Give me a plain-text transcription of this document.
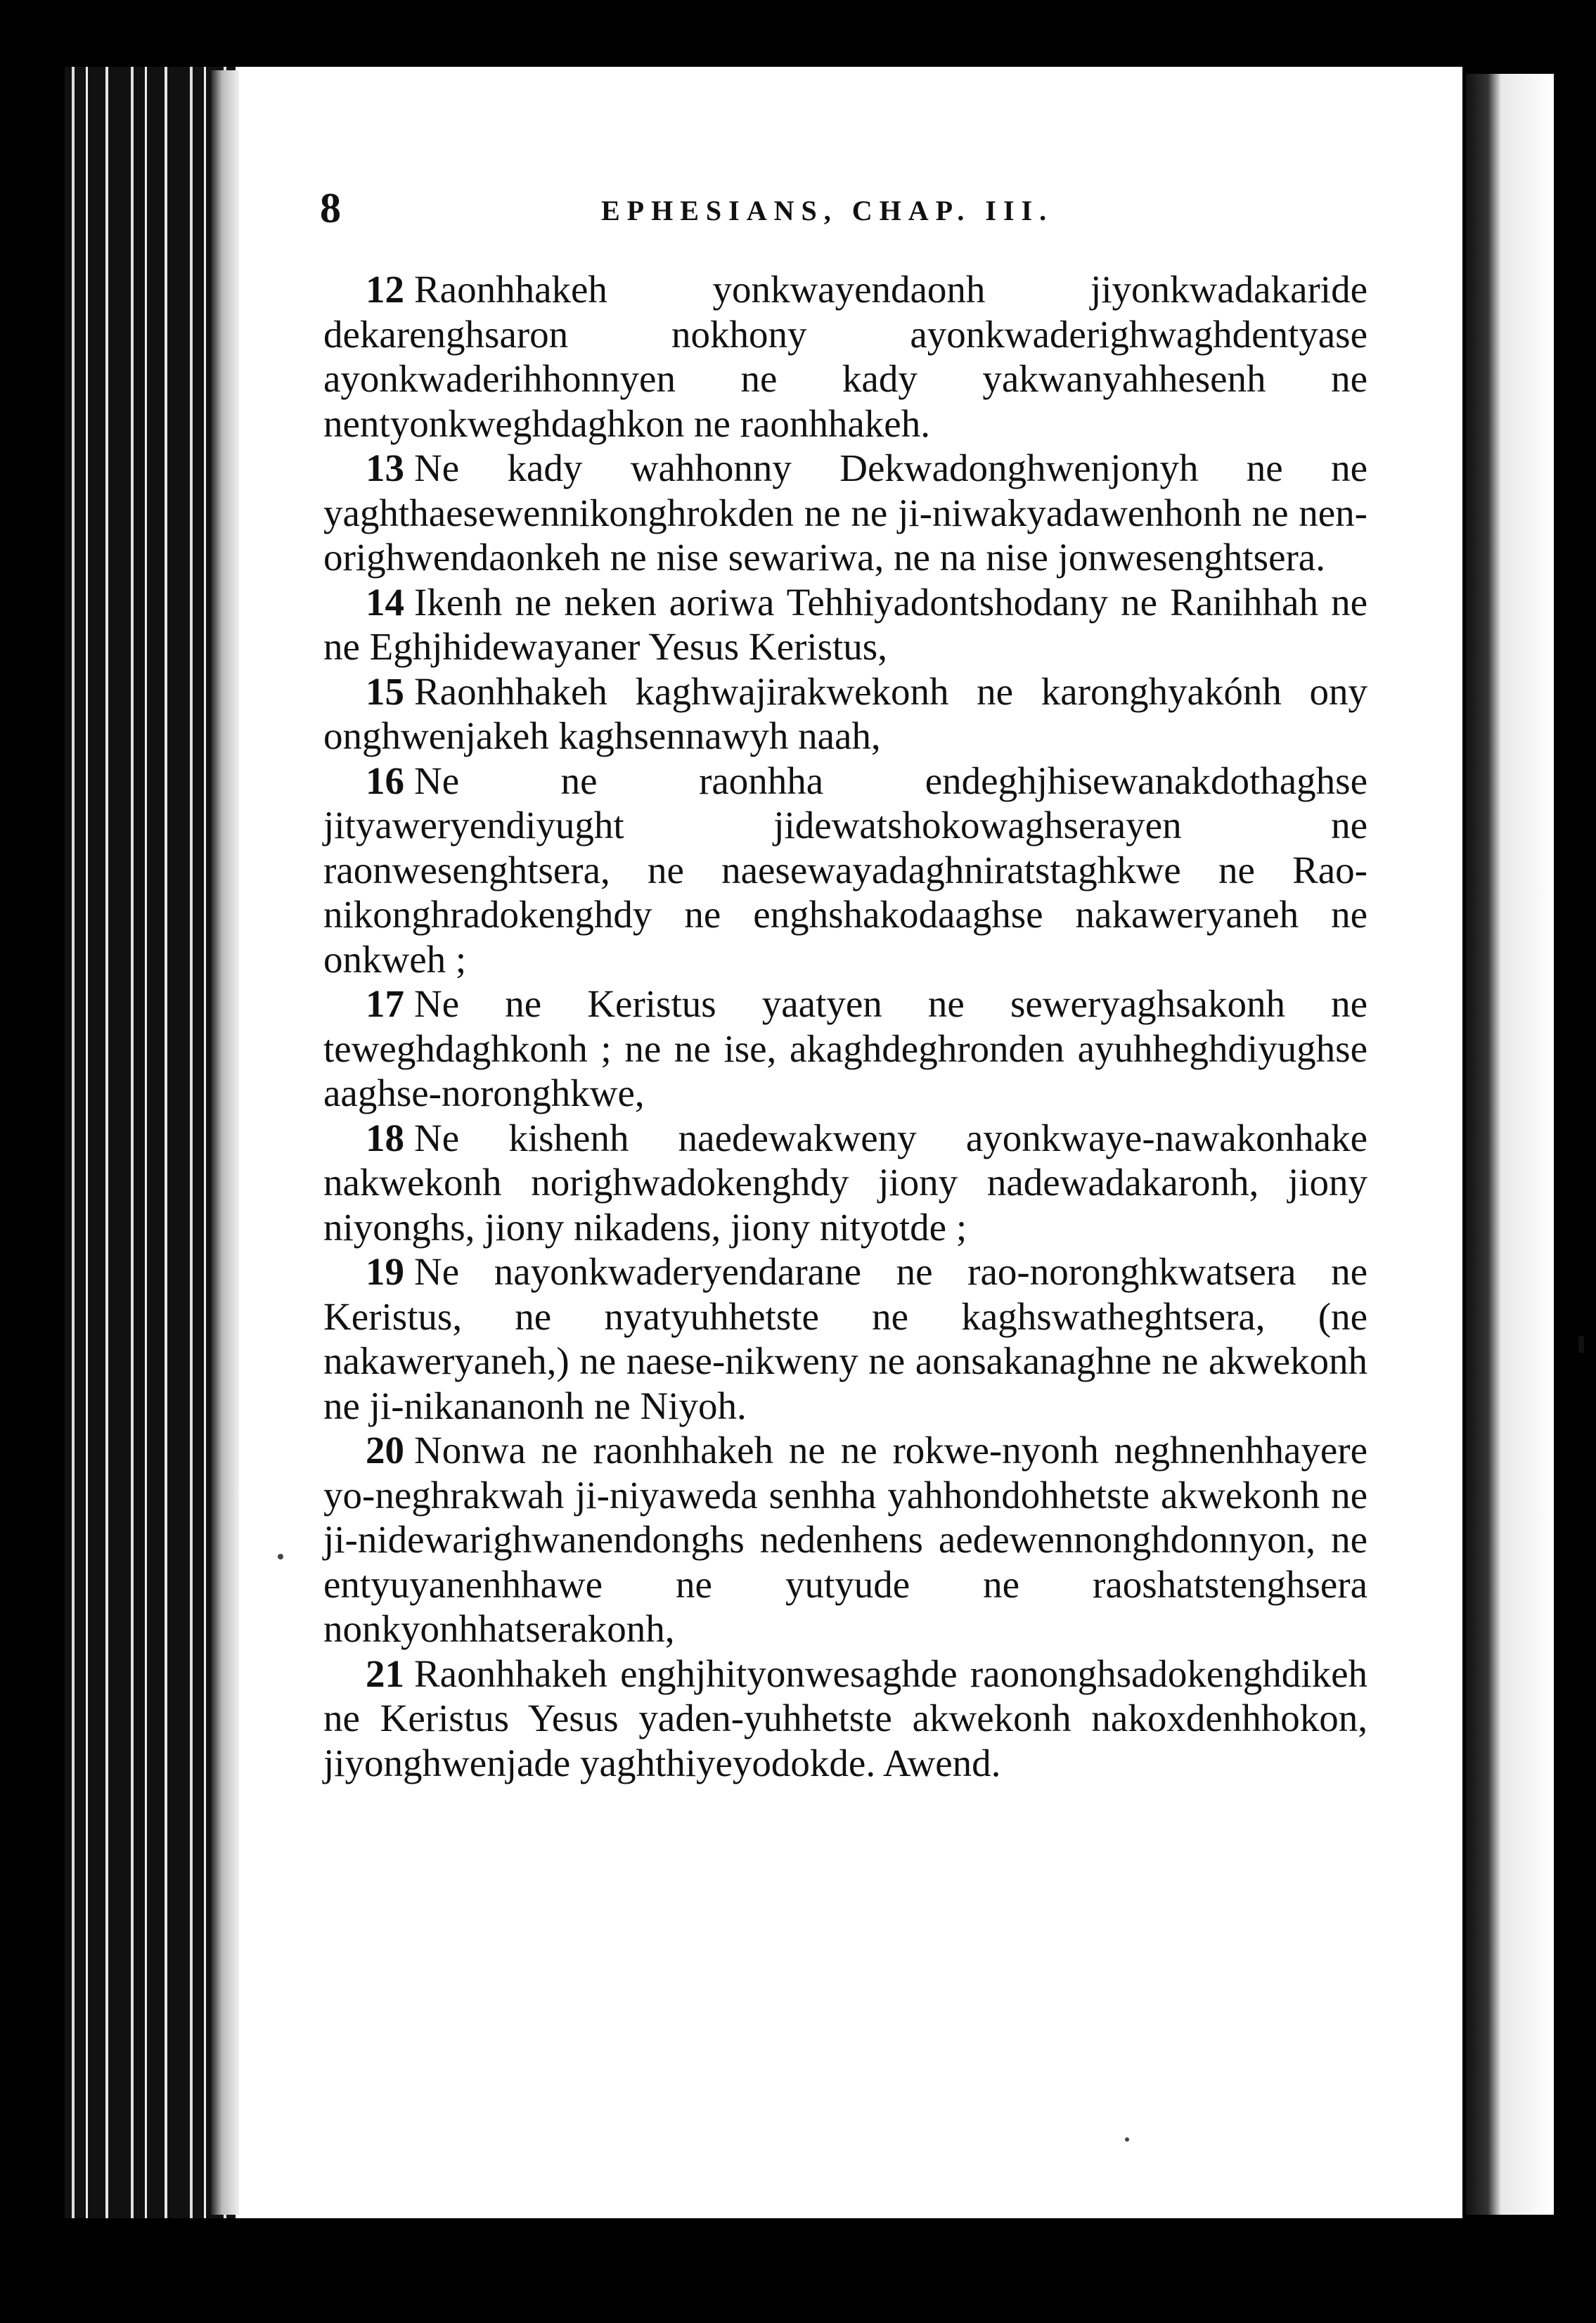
8	EPHESIANS, CHAP. III.

12 Raonhhakeh yonkwayendaonh jiyonkwadakaride dekarenghsaron nokhony ayonkwaderighwaghdentyase ayonkwaderihhonnyen ne kady yakwanyahhesenh ne nentyonkweghdaghkon ne raonhhakeh.

13 Ne kady wahhonny Dekwadonghwenjonyh ne ne yaghthaesewennikonghrokden ne ne ji-niwakyadawenhonh ne nen-orighwendaonkeh ne nise sewariwa, ne na nise jonwesenghtsera.

14 Ikenh ne neken aoriwa Tehhiyadontshodany ne Ranihhah ne ne Eghjhidewayaner Yesus Keristus,

15 Raonhhakeh kaghwajirakwekonh ne karonghyakónh ony onghwenjakeh kaghsennawyh naah,

16 Ne ne raonhha endeghjhisewanakdothaghse jityaweryendiyught jidewatshokowaghserayen ne raonwesenghtsera, ne naesewayadaghniratstaghkwe ne Rao-nikonghradokenghdy ne enghshakodaaghse nakaweryaneh ne onkweh ;

17 Ne ne Keristus yaatyen ne seweryaghsakonh ne teweghdaghkonh ; ne ne ise, akaghdeghronden ayuhheghdiyughse aaghse-noronghkwe,

18 Ne kishenh naedewakweny ayonkwaye-nawakonhake nakwekonh norighwadokenghdy jiony nadewadakaronh, jiony niyonghs, jiony nikadens, jiony nityotde ;

19 Ne nayonkwaderyendarane ne rao-noronghkwatsera ne Keristus, ne nyatyuhhetste ne kaghswatheghtsera, (ne nakaweryaneh,) ne naese-nikweny ne aonsakanaghne ne akwekonh ne ji-nikananonh ne Niyoh.

20 Nonwa ne raonhhakeh ne ne rokwe-nyonh neghnenhhayere yo-neghrakwah ji-niyaweda senhha yahhondohhetste akwekonh ne ji-nidewarighwanendonghs nedenhens aedewennonghdonnyon, ne entyuyanenhhawe ne yutyude ne raoshatstenghsera nonkyonhhatserakonh,

21 Raonhhakeh enghjhityonwesaghde raononghsadokenghdikeh ne Keristus Yesus yaden-yuhhetste akwekonh nakoxdenhhokon, jiyonghwenjade yaghthiyeyodokde. Awend.
